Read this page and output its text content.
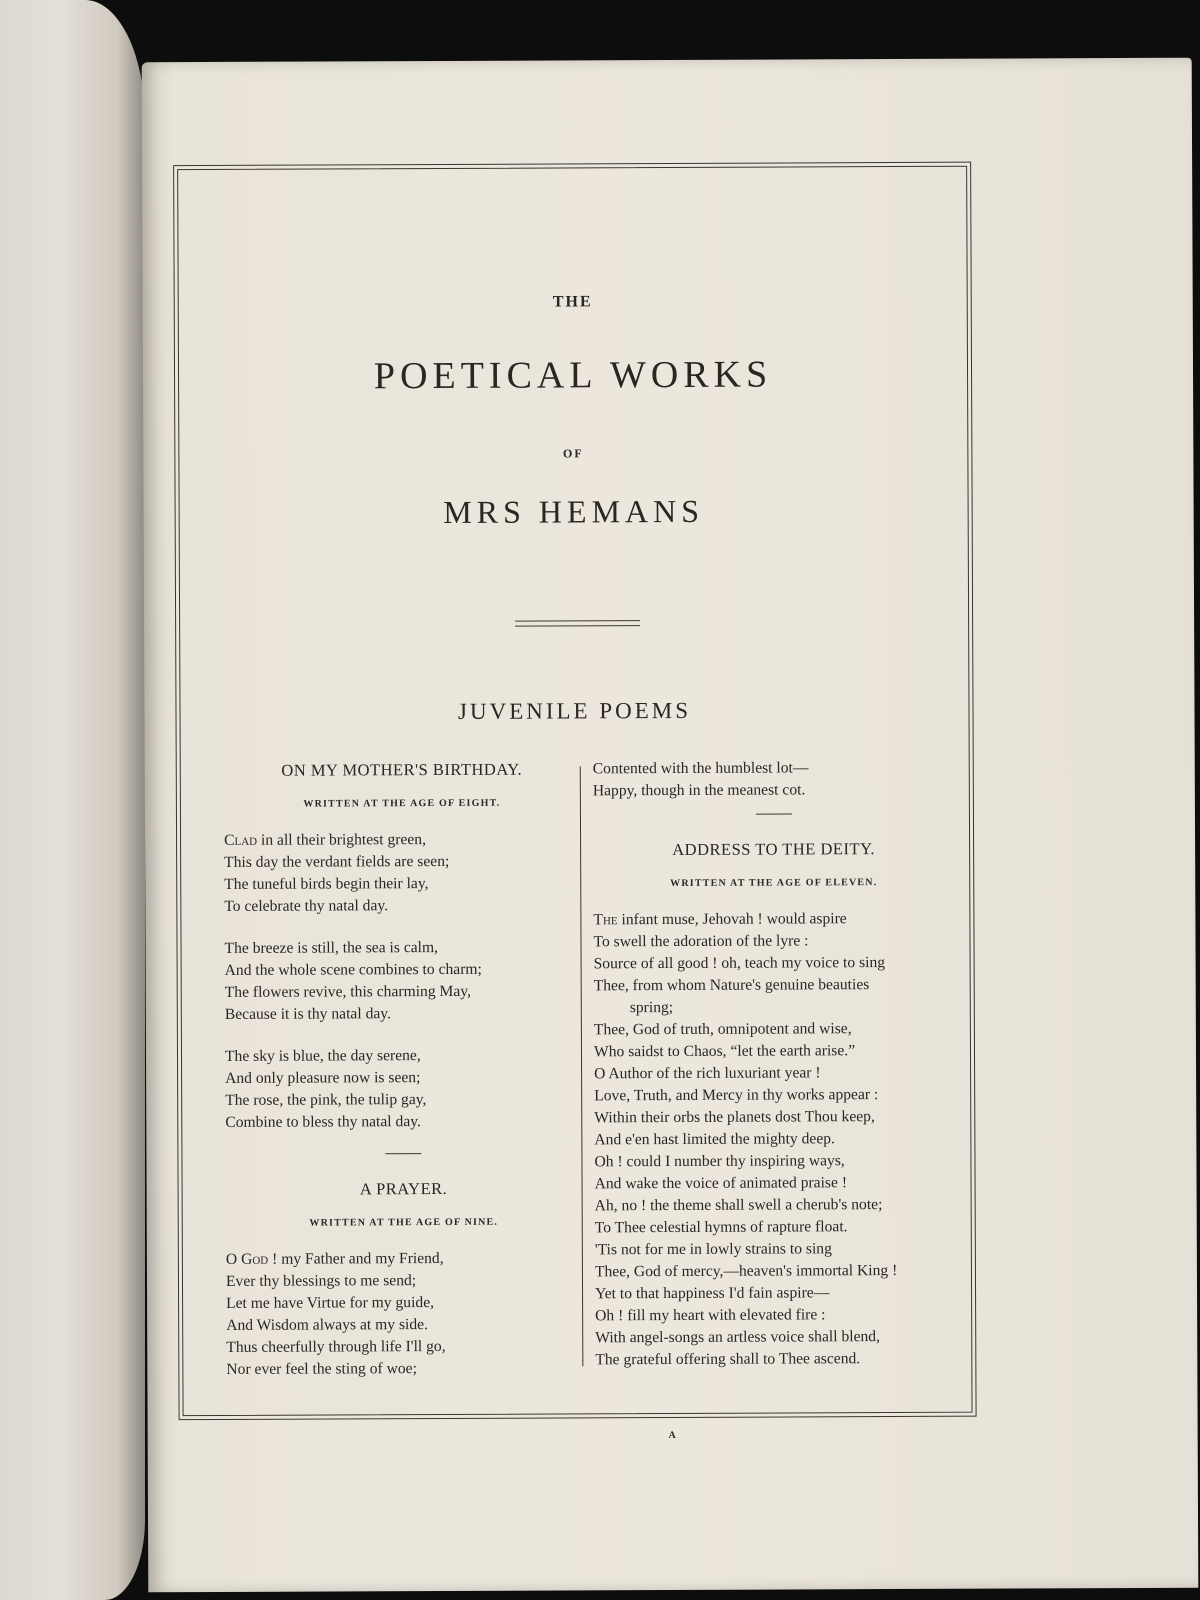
THE
POETICAL WORKS
OF
MRS HEMANS
JUVENILE POEMS
ON MY MOTHER'S BIRTHDAY.
WRITTEN AT THE AGE OF EIGHT.
Clad in all their brightest green,
This day the verdant fields are seen;
The tuneful birds begin their lay,
To celebrate thy natal day.
The breeze is still, the sea is calm,
And the whole scene combines to charm;
The flowers revive, this charming May,
Because it is thy natal day.
The sky is blue, the day serene,
And only pleasure now is seen;
The rose, the pink, the tulip gay,
Combine to bless thy natal day.
A PRAYER.
WRITTEN AT THE AGE OF NINE.
O God ! my Father and my Friend,
Ever thy blessings to me send;
Let me have Virtue for my guide,
And Wisdom always at my side.
Thus cheerfully through life I'll go,
Nor ever feel the sting of woe;
Contented with the humblest lot—
Happy, though in the meanest cot.
ADDRESS TO THE DEITY.
WRITTEN AT THE AGE OF ELEVEN.
The infant muse, Jehovah ! would aspire
To swell the adoration of the lyre :
Source of all good ! oh, teach my voice to sing
Thee, from whom Nature's genuine beauties
spring;
Thee, God of truth, omnipotent and wise,
Who saidst to Chaos, “let the earth arise.”
O Author of the rich luxuriant year !
Love, Truth, and Mercy in thy works appear :
Within their orbs the planets dost Thou keep,
And e'en hast limited the mighty deep.
Oh ! could I number thy inspiring ways,
And wake the voice of animated praise !
Ah, no ! the theme shall swell a cherub's note;
To Thee celestial hymns of rapture float.
'Tis not for me in lowly strains to sing
Thee, God of mercy,—heaven's immortal King !
Yet to that happiness I'd fain aspire—
Oh ! fill my heart with elevated fire :
With angel-songs an artless voice shall blend,
The grateful offering shall to Thee ascend.
A
